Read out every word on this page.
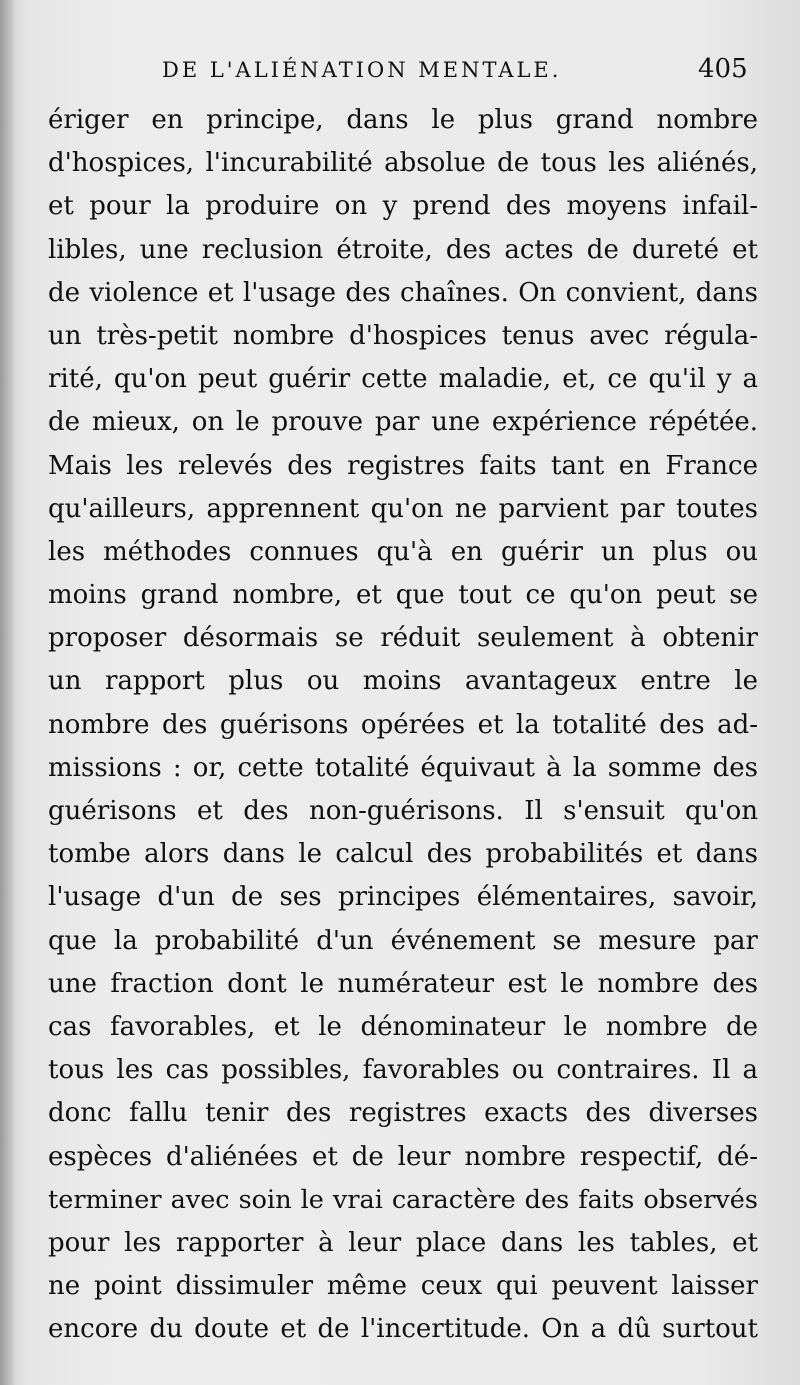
DE L'ALIÉNATION MENTALE.	405
ériger en principe, dans le plus grand nombre
d'hospices, l'incurabilité absolue de tous les aliénés,
et pour la produire on y prend des moyens infail-
libles, une reclusion étroite, des actes de dureté et
de violence et l'usage des chaînes. On convient, dans
un très-petit nombre d'hospices tenus avec régula-
rité, qu'on peut guérir cette maladie, et, ce qu'il y a
de mieux, on le prouve par une expérience répétée.
Mais les relevés des registres faits tant en France
qu'ailleurs, apprennent qu'on ne parvient par toutes
les méthodes connues qu'à en guérir un plus ou
moins grand nombre, et que tout ce qu'on peut se
proposer désormais se réduit seulement à obtenir
un rapport plus ou moins avantageux entre le
nombre des guérisons opérées et la totalité des ad-
missions : or, cette totalité équivaut à la somme des
guérisons et des non-guérisons. Il s'ensuit qu'on
tombe alors dans le calcul des probabilités et dans
l'usage d'un de ses principes élémentaires, savoir,
que la probabilité d'un événement se mesure par
une fraction dont le numérateur est le nombre des
cas favorables, et le dénominateur le nombre de
tous les cas possibles, favorables ou contraires. Il a
donc fallu tenir des registres exacts des diverses
espèces d'aliénées et de leur nombre respectif, dé-
terminer avec soin le vrai caractère des faits observés
pour les rapporter à leur place dans les tables, et
ne point dissimuler même ceux qui peuvent laisser
encore du doute et de l'incertitude. On a dû surtout
